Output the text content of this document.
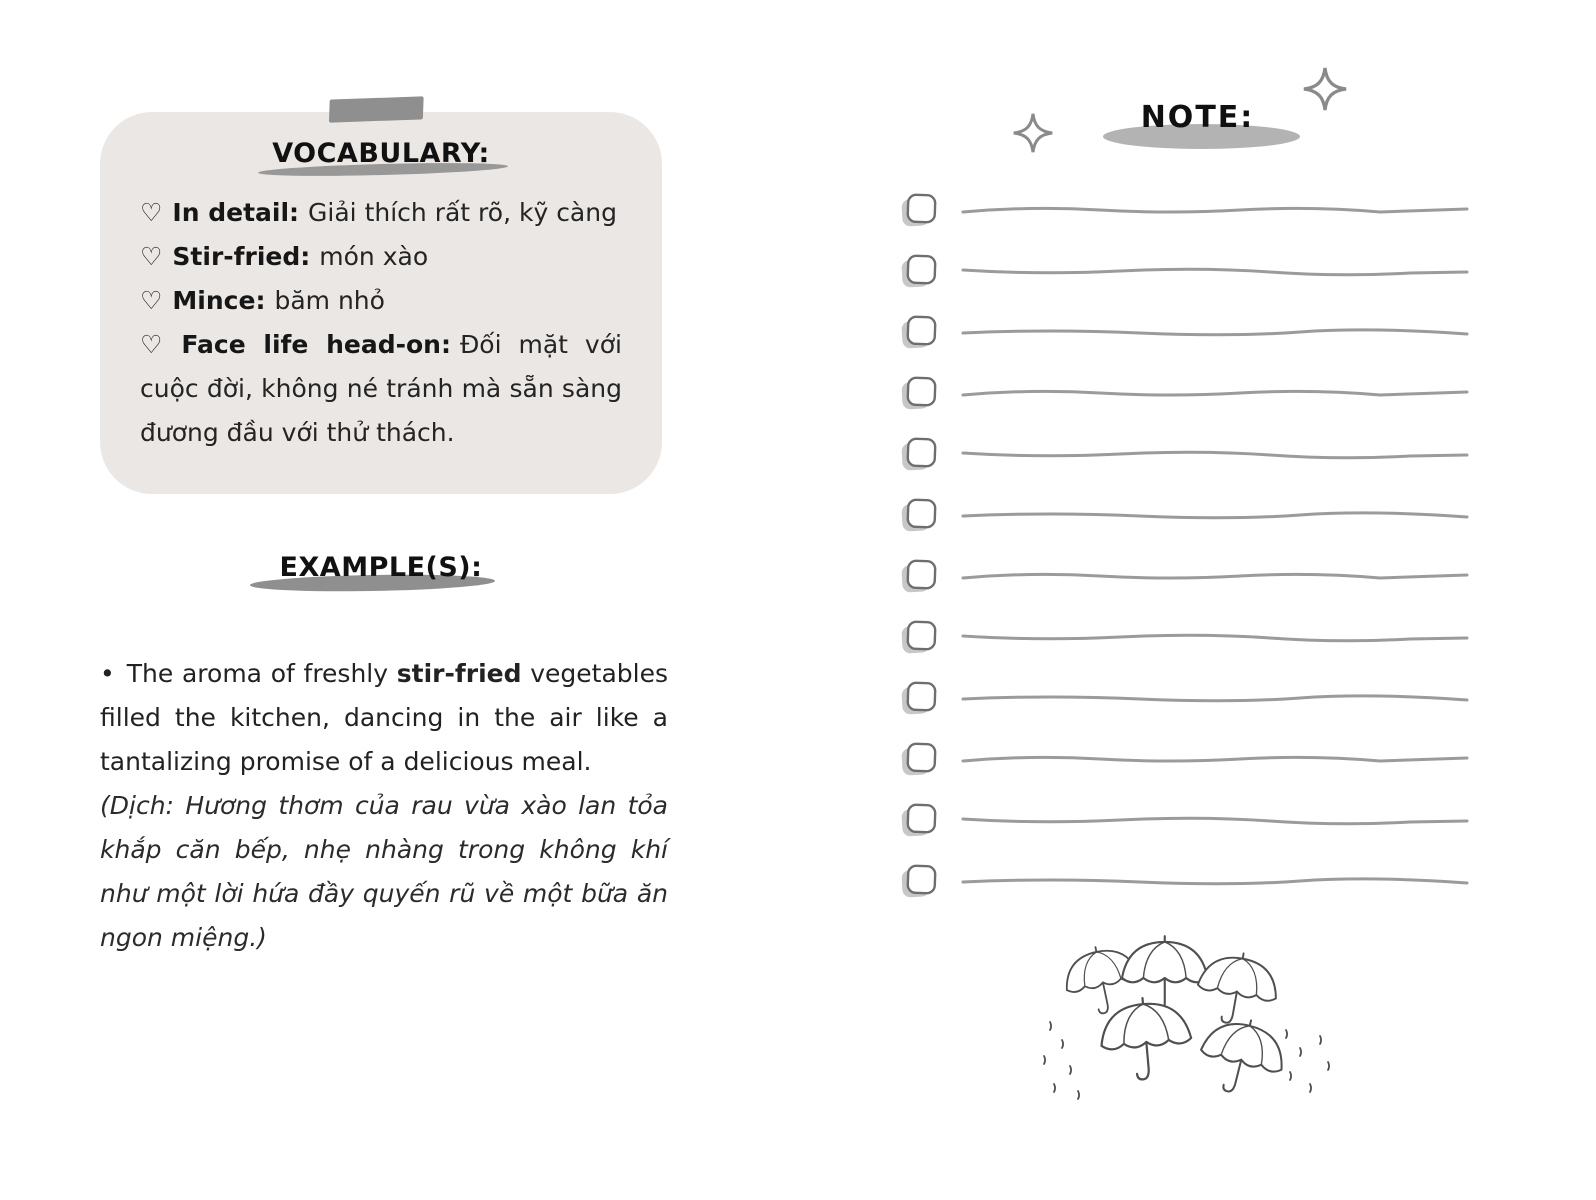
VOCABULARY:

♡ In detail: Giải thích rất rõ, kỹ càng

♡ Stir-fried: món xào

♡ Mince: băm nhỏ

♡ Face life head-on: Đối mặt với cuộc đời, không né tránh mà sẵn sàng đương đầu với thử thách.

EXAMPLE(S):

• The aroma of freshly stir-fried vegetables filled the kitchen, dancing in the air like a tantalizing promise of a delicious meal.

(Dịch: Hương thơm của rau vừa xào lan tỏa khắp căn bếp, nhẹ nhàng trong không khí như một lời hứa đầy quyến rũ về một bữa ăn ngon miệng.)

NOTE:
